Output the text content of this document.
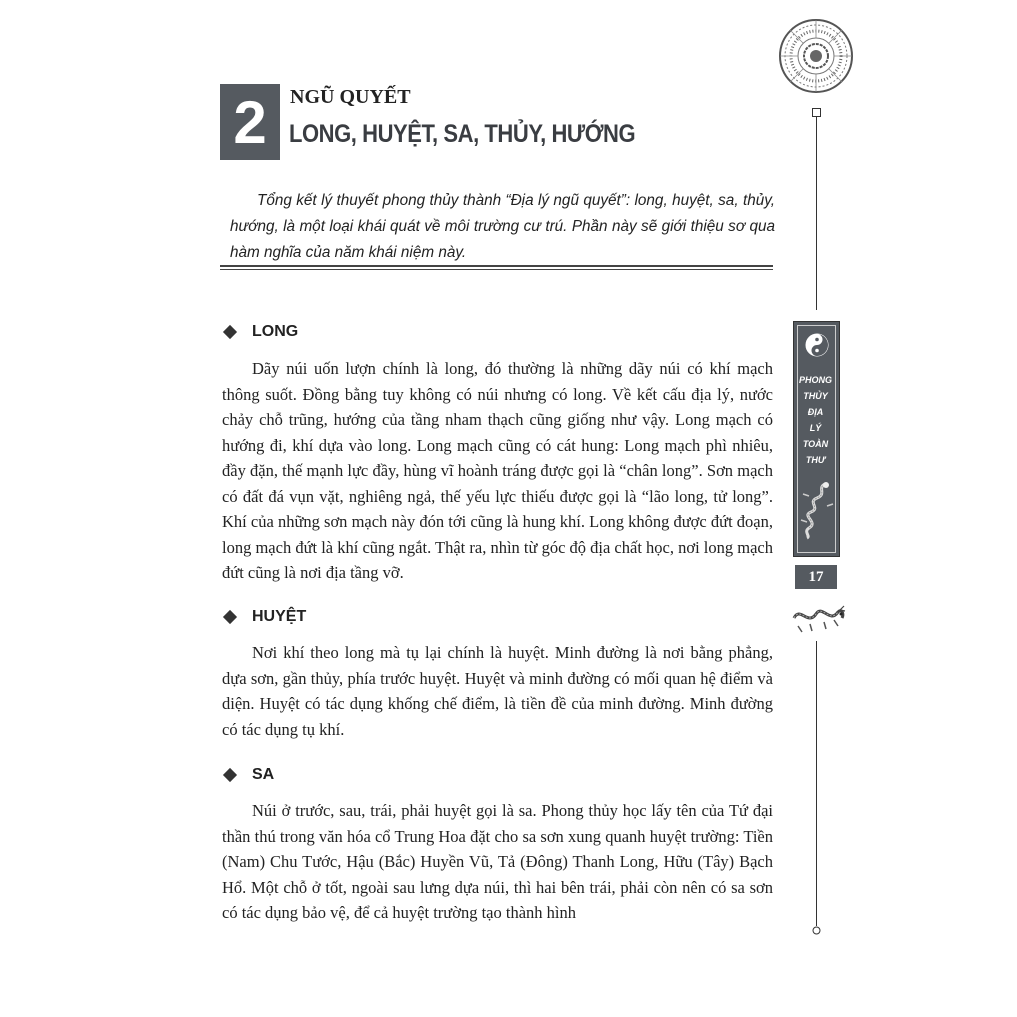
2 NGŨ QUYẾT
LONG, HUYỆT, SA, THỦY, HƯỚNG

Tổng kết lý thuyết phong thủy thành “Địa lý ngũ quyết”: long, huyệt, sa, thủy, hướng, là một loại khái quát về môi trường cư trú. Phần này sẽ giới thiệu sơ qua hàm nghĩa của năm khái niệm này.

LONG

Dãy núi uốn lượn chính là long, đó thường là những dãy núi có khí mạch thông suốt. Đồng bằng tuy không có núi nhưng có long. Về kết cấu địa lý, nước chảy chỗ trũng, hướng của tầng nham thạch cũng giống như vậy. Long mạch có hướng đi, khí dựa vào long. Long mạch cũng có cát hung: Long mạch phì nhiêu, đầy đặn, thế mạnh lực đầy, hùng vĩ hoành tráng được gọi là “chân long”. Sơn mạch có đất đá vụn vặt, nghiêng ngả, thế yếu lực thiếu được gọi là “lão long, tử long”. Khí của những sơn mạch này đón tới cũng là hung khí. Long không được đứt đoạn, long mạch đứt là khí cũng ngắt. Thật ra, nhìn từ góc độ địa chất học, nơi long mạch đứt cũng là nơi địa tầng vỡ.

HUYỆT

Nơi khí theo long mà tụ lại chính là huyệt. Minh đường là nơi bằng phẳng, dựa sơn, gần thủy, phía trước huyệt. Huyệt và minh đường có mối quan hệ điểm và diện. Huyệt có tác dụng khống chế điểm, là tiền đề của minh đường. Minh đường có tác dụng tụ khí.

SA

Núi ở trước, sau, trái, phải huyệt gọi là sa. Phong thủy học lấy tên của Tứ đại thần thú trong văn hóa cổ Trung Hoa đặt cho sa sơn xung quanh huyệt trường: Tiền (Nam) Chu Tước, Hậu (Bắc) Huyền Vũ, Tả (Đông) Thanh Long, Hữu (Tây) Bạch Hổ. Một chỗ ở tốt, ngoài sau lưng dựa núi, thì hai bên trái, phải còn nên có sa sơn có tác dụng bảo vệ, để cả huyệt trường tạo thành hình

PHONG
THỦY
ĐỊA
LÝ
TOÀN
THƯ
17
